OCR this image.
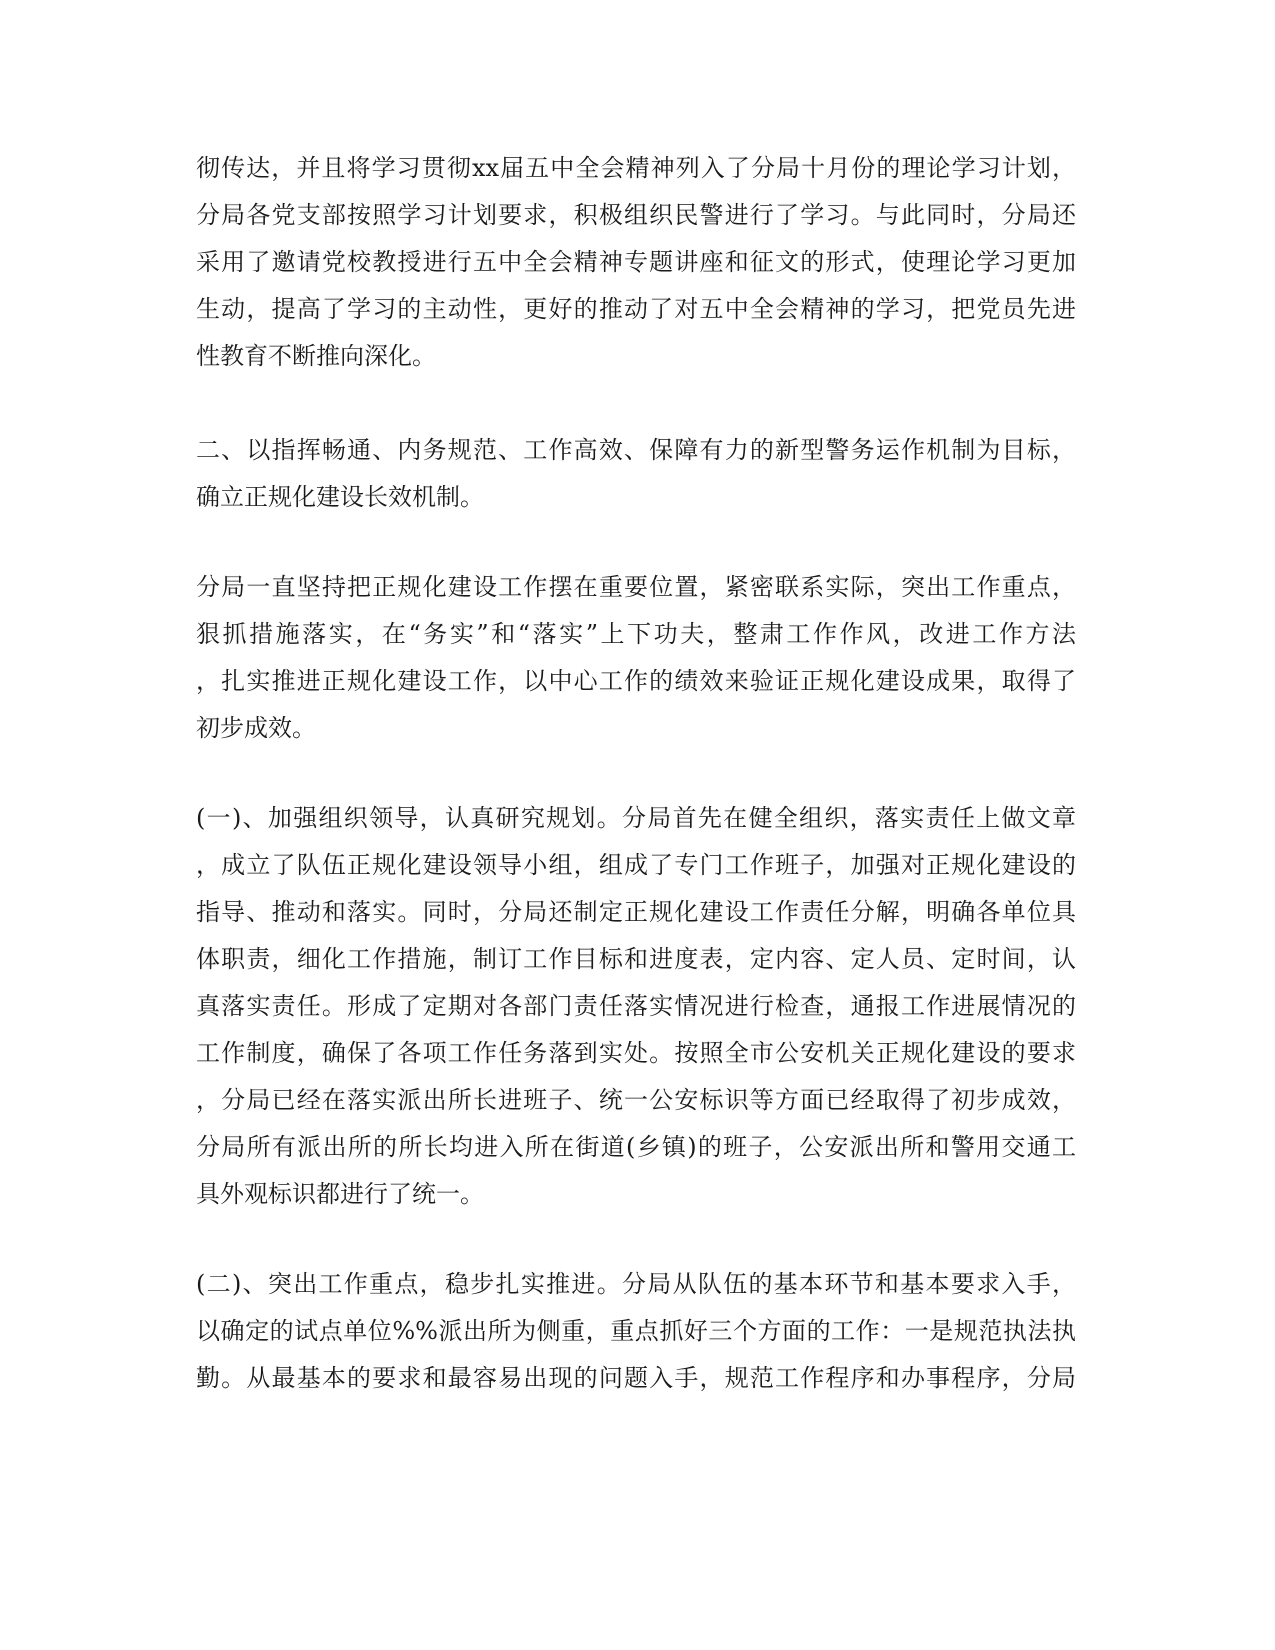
彻传达，并且将学习贯彻xx届五中全会精神列入了分局十月份的理论学习计划，
分局各党支部按照学习计划要求，积极组织民警进行了学习。与此同时，分局还
采用了邀请党校教授进行五中全会精神专题讲座和征文的形式，使理论学习更加
生动，提高了学习的主动性，更好的推动了对五中全会精神的学习，把党员先进
性教育不断推向深化。
二、以指挥畅通、内务规范、工作高效、保障有力的新型警务运作机制为目标，
确立正规化建设长效机制。
分局一直坚持把正规化建设工作摆在重要位置，紧密联系实际，突出工作重点，
狠抓措施落实，在“务实”和“落实”上下功夫，整肃工作作风，改进工作方法
，扎实推进正规化建设工作，以中心工作的绩效来验证正规化建设成果，取得了
初步成效。
(一)、加强组织领导，认真研究规划。分局首先在健全组织，落实责任上做文章
，成立了队伍正规化建设领导小组，组成了专门工作班子，加强对正规化建设的
指导、推动和落实。同时，分局还制定正规化建设工作责任分解，明确各单位具
体职责，细化工作措施，制订工作目标和进度表，定内容、定人员、定时间，认
真落实责任。形成了定期对各部门责任落实情况进行检查，通报工作进展情况的
工作制度，确保了各项工作任务落到实处。按照全市公安机关正规化建设的要求
，分局已经在落实派出所长进班子、统一公安标识等方面已经取得了初步成效，
分局所有派出所的所长均进入所在街道(乡镇)的班子，公安派出所和警用交通工
具外观标识都进行了统一。
(二)、突出工作重点，稳步扎实推进。分局从队伍的基本环节和基本要求入手，
以确定的试点单位%%派出所为侧重，重点抓好三个方面的工作：一是规范执法执
勤。从最基本的要求和最容易出现的问题入手，规范工作程序和办事程序，分局
